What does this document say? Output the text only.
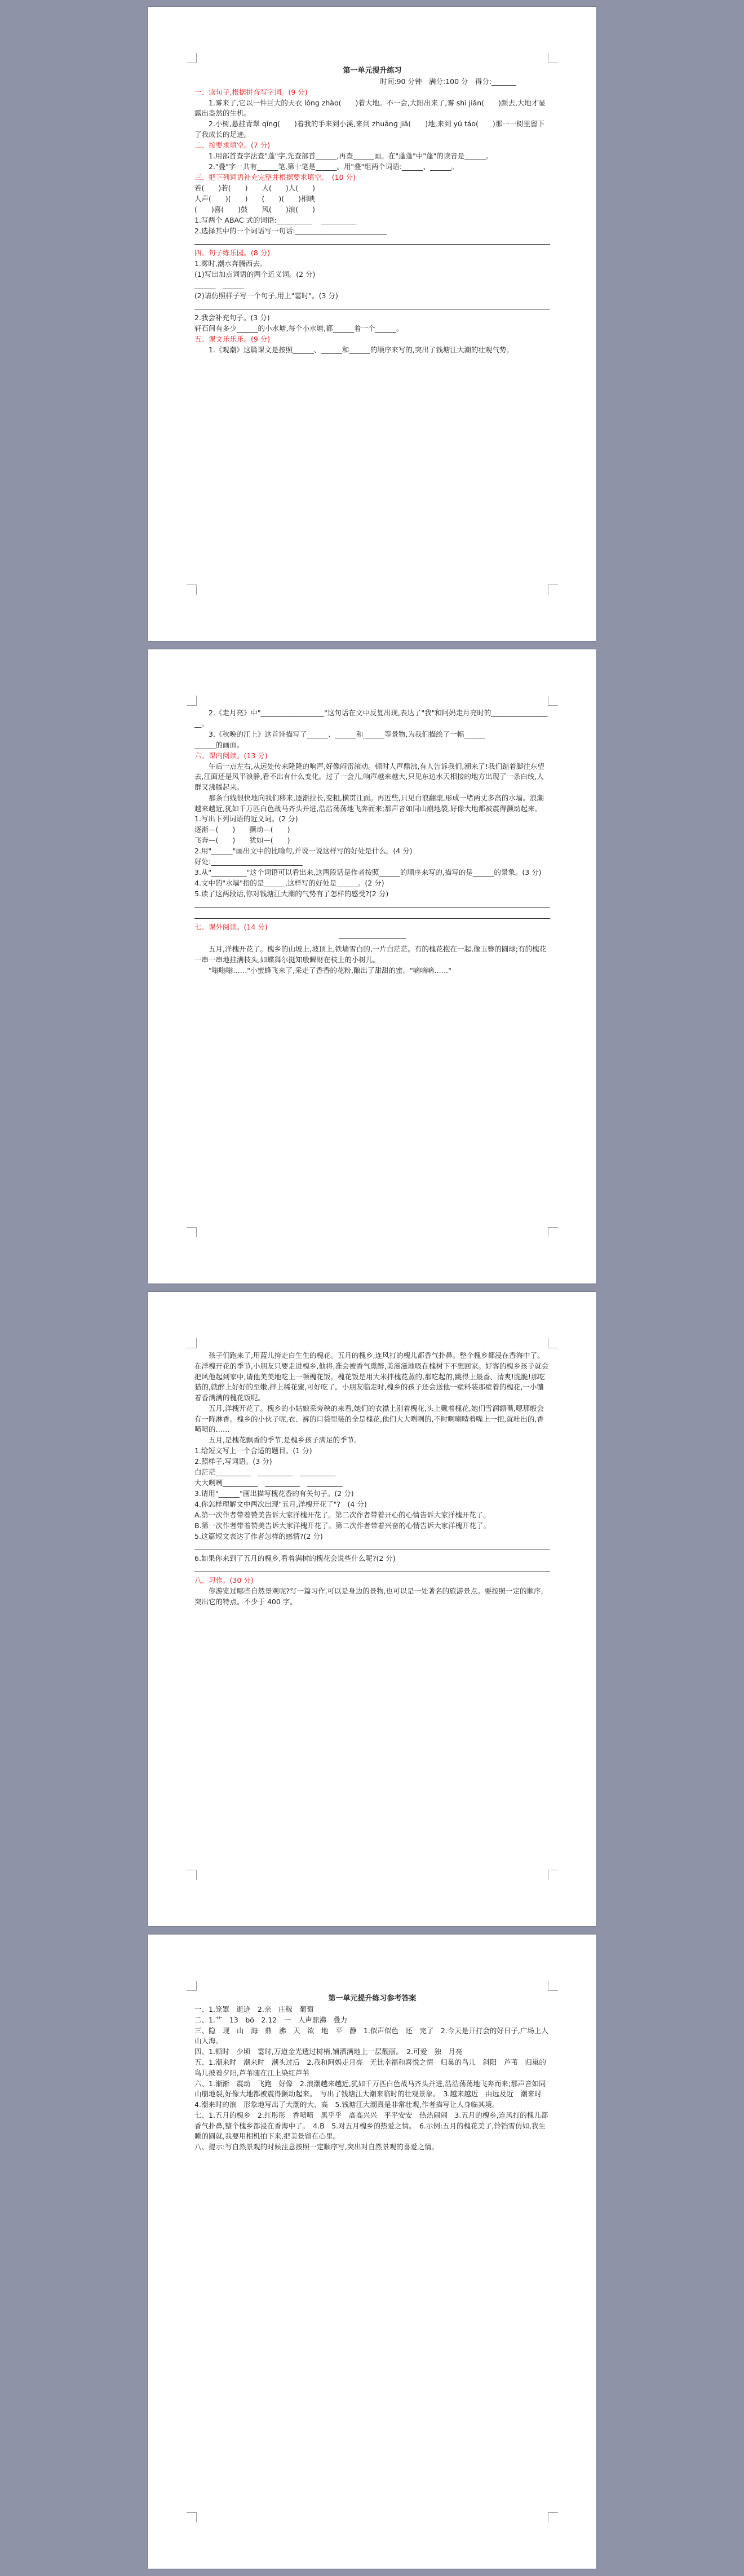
第一单元提升练习

时间:90 分钟　满分:100 分　得分:_______

一、读句子,根据拼音写字词。(9 分)

1.雾来了,它以一件巨大的天衣 lǒng zhào(　　)着大地。不一会,大阳出来了,雾 shì jiǎn(　　)颜去,大地才显露出盎然的生机。

2.小树,悬挂青翠 qīnɡ(　　)着我的手来到小溪,来到 zhuānɡ jiā(　　)地,来到 yú táo(　　)那一一树里留下了我成长的足迹。

二、按要求填空。(7 分)

1.用部首查字法查"蓬"字,先查部首______,再查______画。在"蓬蓬"中"蓬"的读音是______。

2."叠"字一共有______笔,第十笔是______。用"叠"组两个词语:______、______。

三、把下列词语补充完整并根据要求填空。　(10 分)

若(　　)若(　　)　　人(　　)人(　　)

人声(　　)(　　)　　(　　)(　　)相映

(　　)喜(　　)鼓　　风(　　)浪(　　)

1.写两个 ABAC 式的词语:__________ 　__________

2.选择其中的一个词语写一句话:__________________________

四、句子练乐园。(8 分)

1.雾时,潮水奔腾西去。

(1)写出加点词语的两个近义词。(2 分)

______　______

(2)请仿照样子写一个句子,用上"霎时"。(3 分)

2.我会补充句子。(3 分)

轩石间有多少______的小水塘,每个小水塘,都______着一个______。

五、课文乐乐乐。(9 分)

1.《观潮》这篇课文是按照______、______和______的顺序来写的,突出了钱塘江大潮的壮观气势。

2.《走月亮》中"__________________"这句话在文中反复出现,表达了"我"和阿妈走月亮时的__________________。

3.《秋晚的江上》这首诗描写了______、______和______等景物,为我们描绘了一幅______

______的画面。

六、课内阅读。(13 分)

午后一点左右,从远处传来隆隆的响声,好像闷雷滚动。顿时人声鼎沸,有人告诉我们,潮来了!我们踮着脚往东望去,江面还是风平浪静,看不出有什么变化。过了一会儿,响声越来越大,只见东边水天相接的地方出现了一条白线,人群又沸腾起来。

那条白线很快地向我们移来,逐渐拉长,变粗,横贯江面。再近些,只见白浪翻滚,形成一堵两丈多高的水墙。浪潮越来越近,犹如千万匹白色战马齐头并进,浩浩荡荡地飞奔而来;那声音如同山崩地裂,好像大地都被震得颤动起来。

1.写出下列词语的近义词。(2 分)

逐渐—(　　)　　颤动—(　　)

飞奔—(　　)　　犹如—(　　)

2.用"______"画出文中的比喻句,并说一说这样写的好处是什么。(4 分)

好处:__________________________

3.从"__________"这个词语可以看出来,这两段话是作者按照______的顺序来写的,描写的是______的景象。(3 分)

4.文中的"水墙"指的是______,这样写的好处是______。(2 分)

5.读了这两段话,你对钱塘江大潮的气势有了怎样的感受?(2 分)

七、课外阅读。(14 分)

五月,洋槐开花了。槐乡的山坡上,坡顶上,铁墙雪白的,一片白茫茫。有的槐花抱在一起,像玉簪的圆球;有的槐花一串一串地挂满枝头,如蝶舞尔挺知般瞬财在枝上的小树儿。

"嗡嗡嗡……"小蜜蜂飞来了,采走了香香的花粉,酿出了甜甜的蜜。"嘀嘀嘀……"

孩子们跑来了,用蓝儿挎走白生生的槐花。五月的槐乡,连风打的槐儿都香气扑鼻。整个槐乡都浸在香海中了。在洋槐开花的季节,小朋友只要走进槐乡,他将,准会被香气熏醉,美滋滋地吸在槐树下不想回家。好客的槐乡孩子就会把风他起到家中,请他美美地吃上一顿槐花饭。槐花饭是用大米拌槐花蒸的,那吃起的,跳得上最香、清爽!脆脆!那吃猎的,就醉上好好的至嫩,拌上稀花蜜,可好吃了。小朋友临走时,槐乡的孩子还会送他一壁料装那壁着的槐花,一小馕着香满满的槐花饭呢。

五月,洋槐开花了。槐乡的小姑娘采旁秧的来看,她们的衣襟上别着槐花,头上戴着槐花,她们雪润额嘴,嗯那般会有一阵淋香。槐乡的小伙子呢,衣、裤的口袋里装的全是槐花,他们大大咧咧的,不时啊喇喳着嘴上一把,就吐出的,香喷喷的……

五月,是槐花飘香的季节,是槐乡孩子满足的季节。

1.给短文写上一个合适的题目。(1 分)

2.照样子,写词语。(3 分)

白茫茫__________　__________　__________

大大咧咧__________　__________　__________

3.请用"______"画出描写槐花香的有关句子。(2 分)

4.你怎样理解文中两次出现"五月,洋槐开花了"?　(4 分)

A.第一次作者带着赞美告诉大家洋槐开花了。第二次作者带着开心的心情告诉大家洋槐开花了。

B.第一次作者带着赞美告诉大家洋槐开花了。第二次作者带着兴奋的心情告诉大家洋槐开花了。

5.这篇短文表达了作者怎样的感情?(2 分)

6.如果你来到了五月的槐乡,看着满树的槐花会说些什么呢?(2 分)

八、习作。(30 分)

你游览过哪些自然景观呢?写一篇习作,可以是身边的景物,也可以是一处著名的旅游景点。要按照一定的顺序,突出它的特点。不少于 400 字。

第一单元提升练习参考答案

一、1.笼罩　逝迹　2.亲　庄稼　葡萄

二、1.艹　13　bō　2.12　一　人声鼎沸　叠力

三、隐　现　山　海　鼎　沸　天　欲　地　平　静　1.似声似色　还　完了　2.今天是开打会的好日子,广场上人山人海。

四、1.顿时　少顷　霎时,万道金光透过树梢,铺洒满地上一层靓丽。　2.可爱　独　月亮

五、1.潮来时　潮来时　潮头过后　2.我和阿妈走月亮　无比幸福和喜悦之情　归巢的鸟儿　斜阳　芦苇　归巢的鸟儿披着夕阳,芦苇随在江上染红芦苇

六、1.渐渐　震动　飞跑　好像　2.浪潮越来越近,犹如千万匹白色战马齐头并进,浩浩荡荡地飞奔而来;那声音如同山崩地裂,好像大地都被震得颤动起来。　写出了钱塘江大潮来临时的壮观景象。　3.越来越近　由远及近　潮来时　4.潮来时的浪　形象地写出了大潮的大、高　5.钱塘江大潮真是非常壮观,作者描写让人身临其境。

七、1.五月的槐乡　2.红彤彤　香喷喷　黑乎乎　高高兴兴　平平安安　热热闹闹　3.五月的槐乡,连风打的槐儿都香气扑鼻,整个槐乡都浸在香海中了。　4.B　5.对五月槐乡的热爱之情。　6.示例:五月的槐花美了,铃铛雪仿如,我生睡的圆就,我要用相机拍下来,把美景留在心里。

八、提示:写自然景观的时候注意按照一定顺序写,突出对自然景观的喜爱之情。
